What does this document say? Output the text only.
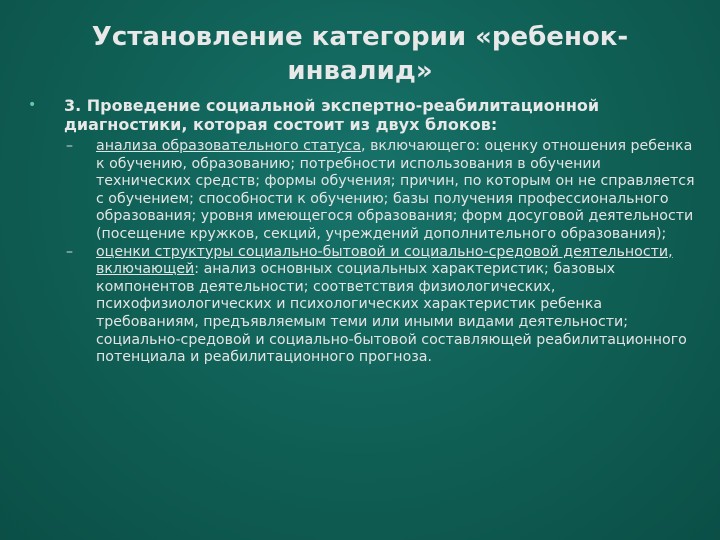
Установление категории «ребенок-инвалид»
•	3. Проведение социальной экспертно-реабилитационной диагностики, которая состоит из двух блоков:
–	анализа образовательного статуса, включающего: оценку отношения ребенка к обучению, образованию; потребности использования в обучении технических средств; формы обучения; причин, по которым он не справляется с обучением; способности к обучению; базы получения профессионального образования; уровня имеющегося образования; форм досуговой деятельности (посещение кружков, секций, учреждений дополнительного образования);
–	оценки структуры социально-бытовой и социально-средовой деятельности, включающей: анализ основных социальных характеристик; базовых компонентов деятельности; соответствия физиологических, психофизиологических и психологических характеристик ребенка требованиям, предъявляемым теми или иными видами деятельности; социально-средовой и социально-бытовой составляющей реабилитационного потенциала и реабилитационного прогноза.
